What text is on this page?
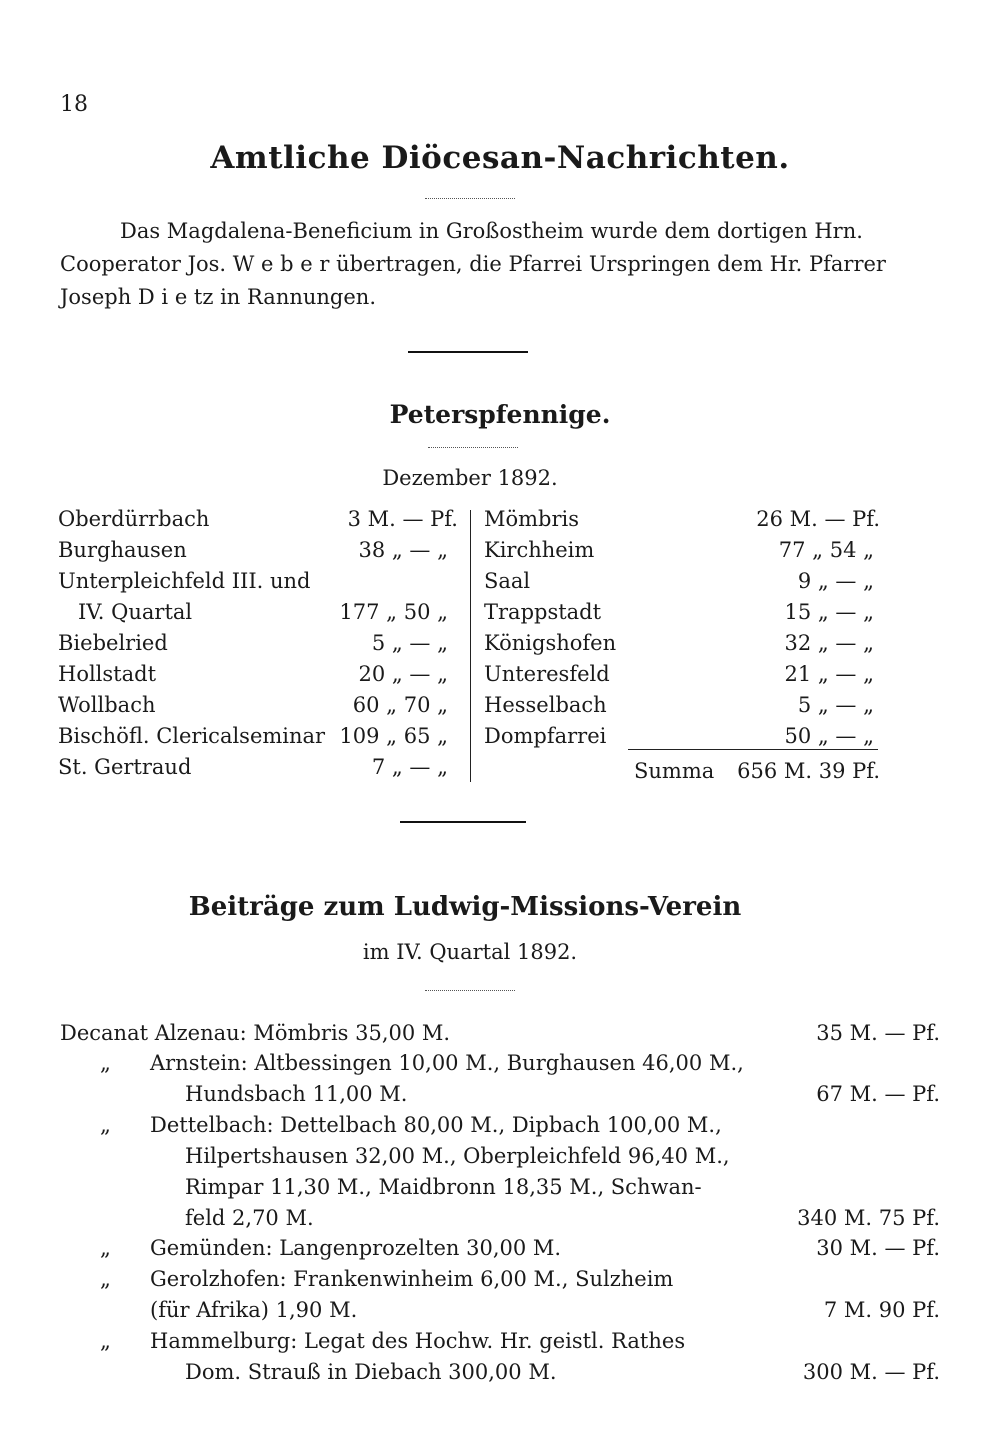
18
Amtliche Diöcesan-Nachrichten.
Das Magdalena-Beneficium in Großostheim wurde dem dortigen Hrn.
Cooperator Jos. W e b e r übertragen, die Pfarrei Urspringen dem Hr. Pfarrer
Joseph D i e tz in Rannungen.
Peterspfennige.
Dezember 1892.
Oberdürrbach	3 M. — Pf.
Burghausen	38 „ — „
Unterpleichfeld III. und
IV. Quartal	177 „ 50 „
Biebelried	5 „ — „
Hollstadt	20 „ — „
Wollbach	60 „ 70 „
Bischöfl. Clericalseminar 109 „ 65 „
St. Gertraud	7 „ — „
Mömbris	26 M. — Pf.
Kirchheim	77 „ 54 „
Saal	9 „ — „
Trappstadt	15 „ — „
Königshofen	32 „ — „
Unteresfeld	21 „ — „
Hesselbach	5 „ — „
Dompfarrei	50 „ — „
Summa 656 M. 39 Pf.
Beiträge zum Ludwig-Missions-Verein
im IV. Quartal 1892.
Decanat Alzenau: Mömbris 35,00 M.	35 M. — Pf.
„ Arnstein: Altbessingen 10,00 M., Burghausen 46,00 M.,
Hundsbach 11,00 M.	67 M. — Pf.
„ Dettelbach: Dettelbach 80,00 M., Dipbach 100,00 M.,
Hilpertshausen 32,00 M., Oberpleichfeld 96,40 M.,
Rimpar 11,30 M., Maidbronn 18,35 M., Schwan-
feld 2,70 M.	340 M. 75 Pf.
„ Gemünden: Langenprozelten 30,00 M.	30 M. — Pf.
„ Gerolzhofen: Frankenwinheim 6,00 M., Sulzheim
(für Afrika) 1,90 M.	7 M. 90 Pf.
„ Hammelburg: Legat des Hochw. Hr. geistl. Rathes
Dom. Strauß in Diebach 300,00 M.	300 M. — Pf.
